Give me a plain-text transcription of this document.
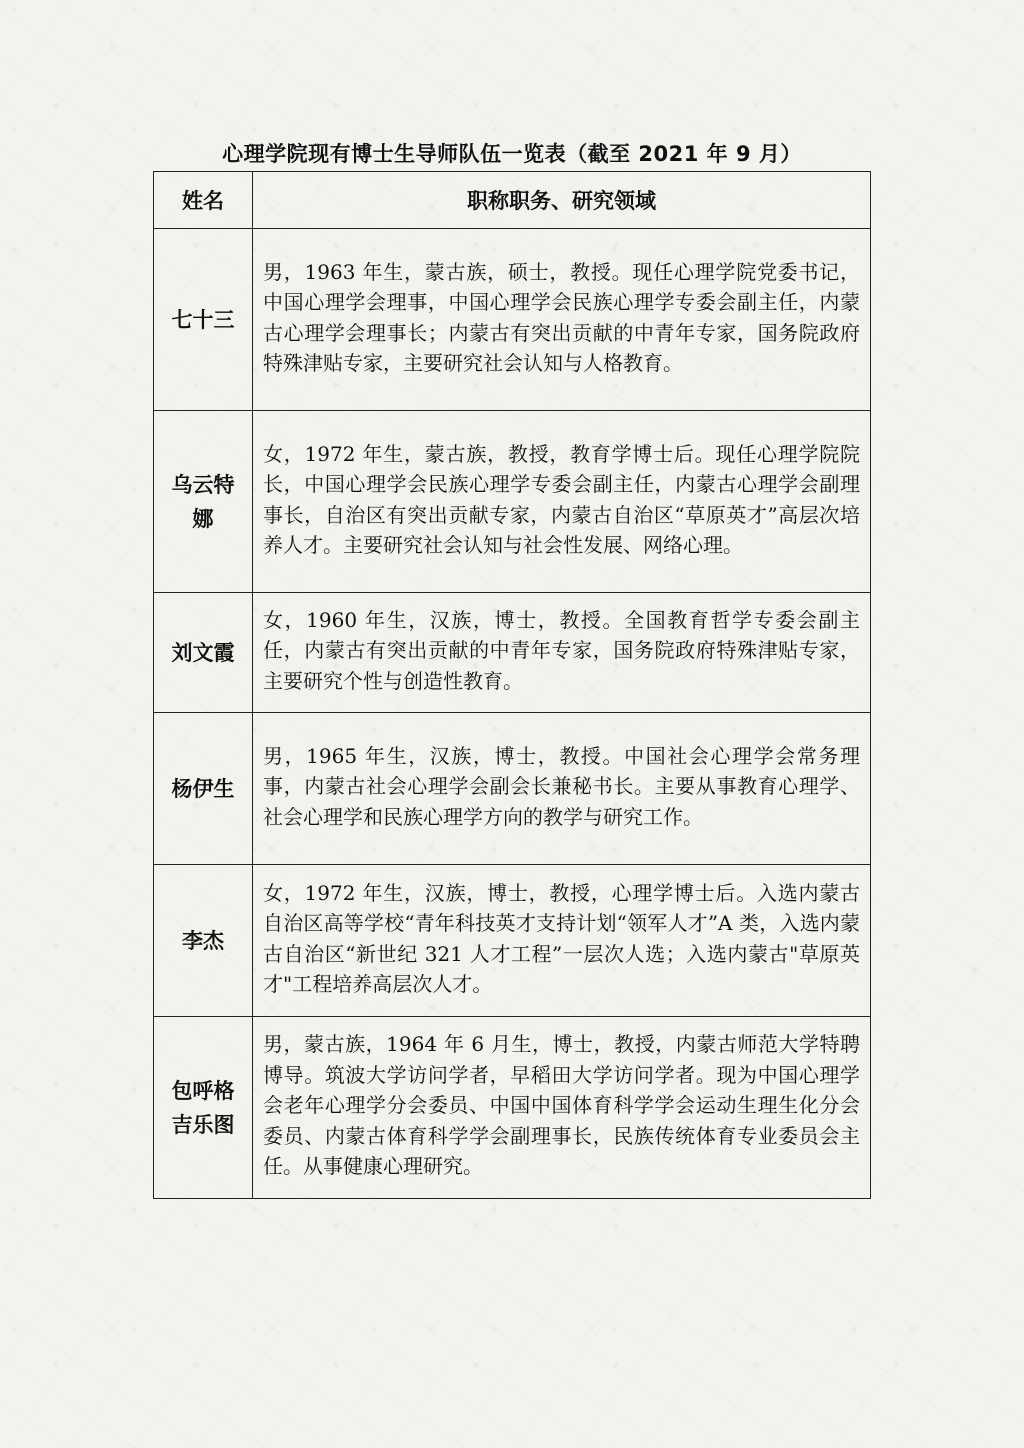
心理学院现有博士生导师队伍一览表（截至 2021 年 9 月）
姓名	职称职务、研究领域
七十三	男，1963 年生，蒙古族，硕士，教授。现任心理学院党委书记，中国心理学会理事，中国心理学会民族心理学专委会副主任，内蒙古心理学会理事长；内蒙古有突出贡献的中青年专家，国务院政府特殊津贴专家，主要研究社会认知与人格教育。
乌云特娜	女，1972 年生，蒙古族，教授，教育学博士后。现任心理学院院长，中国心理学会民族心理学专委会副主任，内蒙古心理学会副理事长，自治区有突出贡献专家，内蒙古自治区“草原英才”高层次培养人才。主要研究社会认知与社会性发展、网络心理。
刘文霞	女，1960 年生，汉族，博士，教授。全国教育哲学专委会副主任，内蒙古有突出贡献的中青年专家，国务院政府特殊津贴专家，主要研究个性与创造性教育。
杨伊生	男，1965 年生，汉族，博士，教授。中国社会心理学会常务理事，内蒙古社会心理学会副会长兼秘书长。主要从事教育心理学、社会心理学和民族心理学方向的教学与研究工作。
李杰	女，1972 年生，汉族，博士，教授，心理学博士后。入选内蒙古自治区高等学校“青年科技英才支持计划“领军人才”A 类，入选内蒙古自治区“新世纪 321 人才工程”一层次人选；入选内蒙古"草原英才"工程培养高层次人才。
包呼格吉乐图	男，蒙古族，1964 年 6 月生，博士，教授，内蒙古师范大学特聘博导。筑波大学访问学者，早稻田大学访问学者。现为中国心理学会老年心理学分会委员、中国中国体育科学学会运动生理生化分会委员、内蒙古体育科学学会副理事长，民族传统体育专业委员会主任。从事健康心理研究。
